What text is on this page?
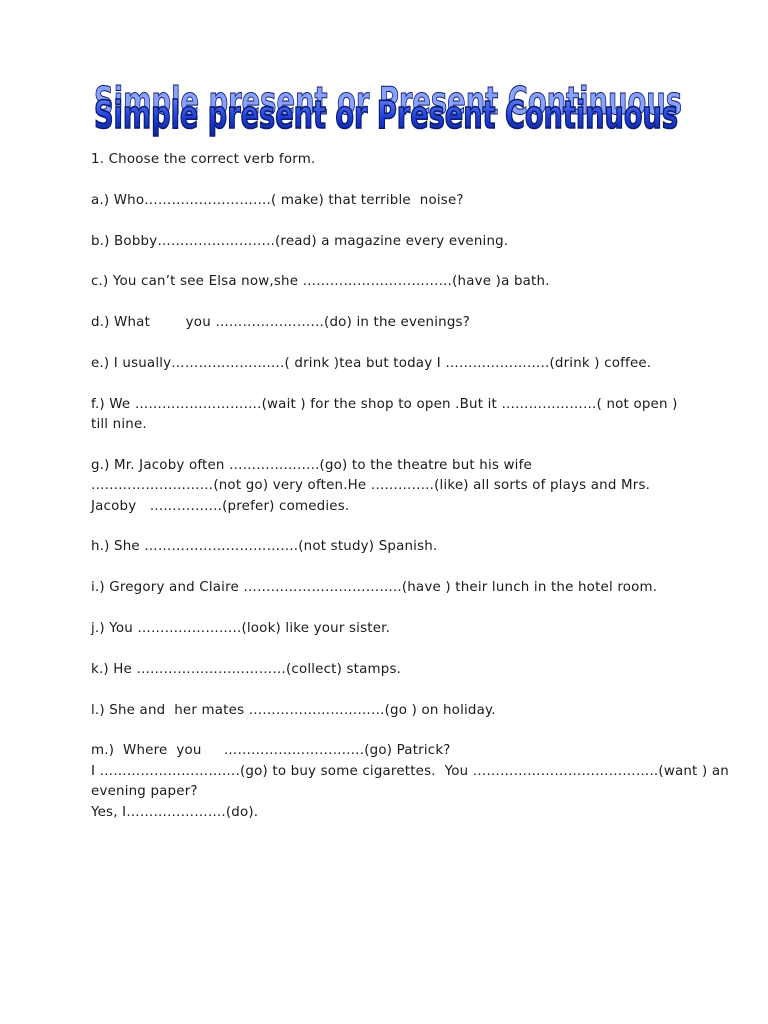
Simple present or Present Continuous
Simple present or Present Continuous
1. Choose the correct verb form.
a.) Who……………………….( make) that terrible  noise?
b.) Bobby……………………..(read) a magazine every evening.
c.) You can’t see Elsa now,she ……………………………(have )a bath.
d.) What        you ……………………(do) in the evenings?
e.) I usually…………………….( drink )tea but today I …………………..(drink ) coffee.
f.) We ……………………….(wait ) for the shop to open .But it …………………( not open )
till nine.
g.) Mr. Jacoby often ………………..(go) to the theatre but his wife
………………………(not go) very often.He …………..(like) all sorts of plays and Mrs.
Jacoby   …………….(prefer) comedies.
h.) She …………………………….(not study) Spanish.
i.) Gregory and Claire ……………………………..(have ) their lunch in the hotel room.
j.) You …………………..(look) like your sister.
k.) He ……………………………(collect) stamps.
l.) She and  her mates …………………………(go ) on holiday.
m.)  Where  you     ………………………….(go) Patrick?
I ………………………….(go) to buy some cigarettes.  You …………………………………..(want ) an
evening paper?
Yes, I………………….(do).
